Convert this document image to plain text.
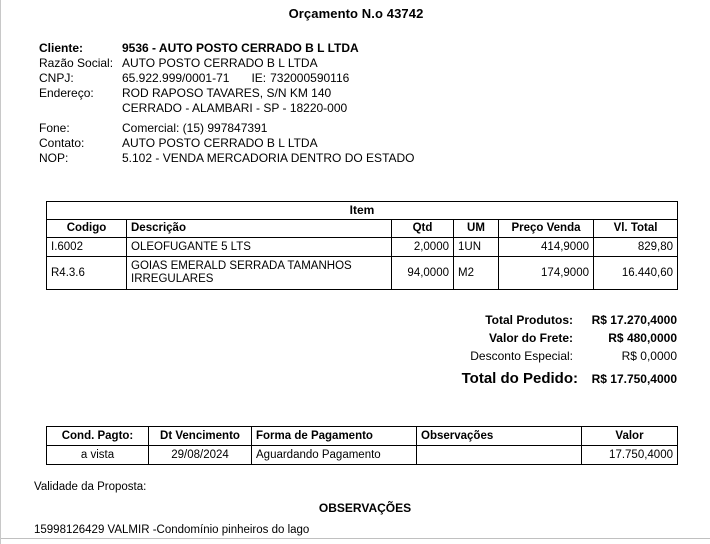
Orçamento N.o 43742
Cliente:	9536 - AUTO POSTO CERRADO B L LTDA
Razão Social: AUTO POSTO CERRADO B L LTDA
CNPJ:	65.922.999/0001-71 IE: 732000590116
Endereço:	ROD RAPOSO TAVARES, S/N KM 140
CERRADO - ALAMBARI - SP - 18220-000
Fone:	Comercial: (15) 997847391
Contato:	AUTO POSTO CERRADO B L LTDA
NOP:	5.102 - VENDA MERCADORIA DENTRO DO ESTADO
Item					
Codigo	Descrição	Qtd	UM	Preço Venda	Vl. Total
I.6002	OLEOFUGANTE 5 LTS	2,0000	1UN	414,9000	829,80
R4.3.6	GOIAS EMERALD SERRADA TAMANHOS IRREGULARES	94,0000	M2	174,9000	16.440,60
Total Produtos:	R$ 17.270,4000
Valor do Frete:	R$ 480,0000
Desconto Especial:	R$ 0,0000
Total do Pedido:	R$ 17.750,4000
Cond. Pagto:	Dt Vencimento	Forma de Pagamento	Observações	Valor
a vista	29/08/2024	Aguardando Pagamento		17.750,4000
Validade da Proposta:
OBSERVAÇÕES
15998126429 VALMIR -Condomínio pinheiros do lago
